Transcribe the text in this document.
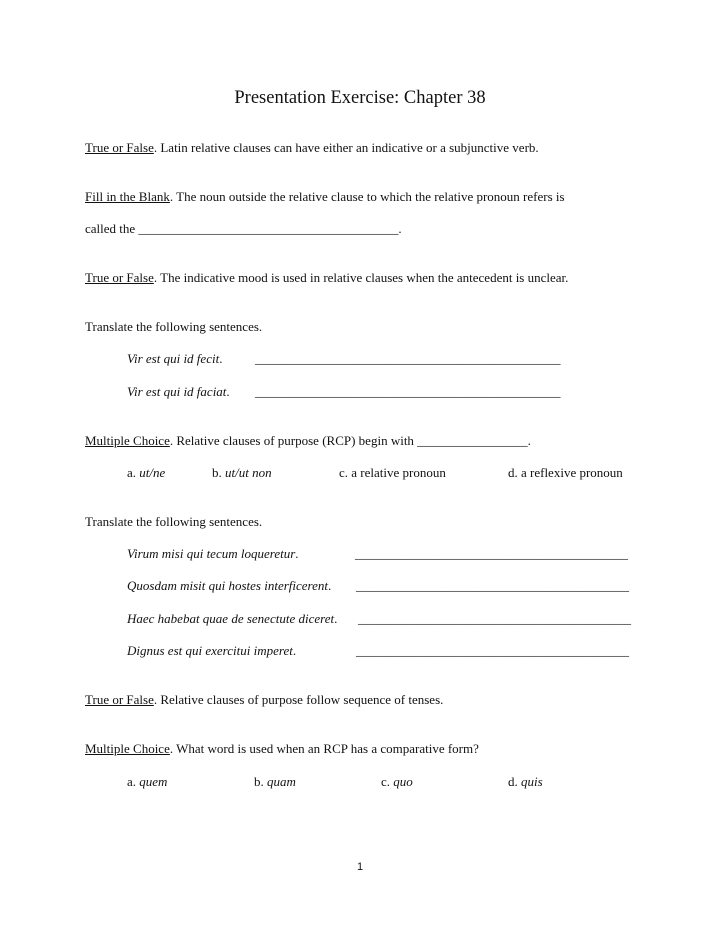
Presentation Exercise: Chapter 38
True or False. Latin relative clauses can have either an indicative or a subjunctive verb.
Fill in the Blank. The noun outside the relative clause to which the relative pronoun refers is
called the ________________________________________.
True or False. The indicative mood is used in relative clauses when the antecedent is unclear.
Translate the following sentences.
Vir est qui id fecit.	_______________________________________________
Vir est qui id faciat. _______________________________________________
Multiple Choice. Relative clauses of purpose (RCP) begin with _________________.
a. ut/ne	b. ut/ut non	c. a relative pronoun	d. a reflexive pronoun
Translate the following sentences.
Virum misi qui tecum loqueretur.	__________________________________________
Quosdam misit qui hostes interficerent. __________________________________________
Haec habebat quae de senectute diceret. __________________________________________
Dignus est qui exercitui imperet.	__________________________________________
True or False. Relative clauses of purpose follow sequence of tenses.
Multiple Choice. What word is used when an RCP has a comparative form?
a. quem	b. quam	c. quo	d. quis
1
